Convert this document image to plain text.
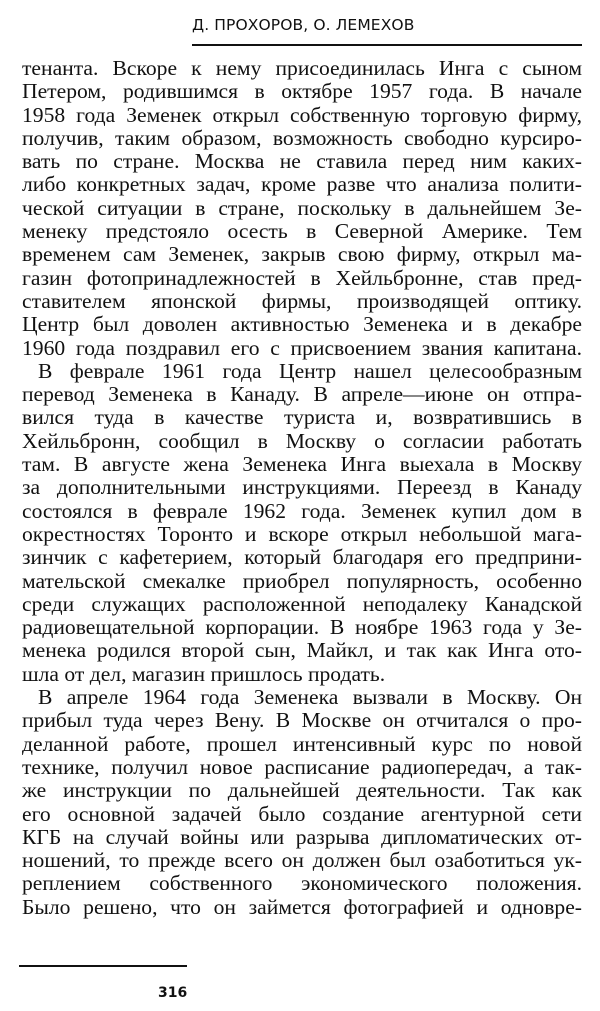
Д. ПРОХОРОВ, О. ЛЕМЕХОВ
тенанта. Вскоре к нему присоединилась Инга с сыном
Петером, родившимся в октябре 1957 года. В начале
1958 года Земенек открыл собственную торговую фирму,
получив, таким образом, возможность свободно курсиро-
вать по стране. Москва не ставила перед ним каких-
либо конкретных задач, кроме разве что анализа полити-
ческой ситуации в стране, поскольку в дальнейшем Зе-
менеку предстояло осесть в Северной Америке. Тем
временем сам Земенек, закрыв свою фирму, открыл ма-
газин фотопринадлежностей в Хейльбронне, став пред-
ставителем японской фирмы, производящей оптику.
Центр был доволен активностью Земенека и в декабре
1960 года поздравил его с присвоением звания капитана.
В феврале 1961 года Центр нашел целесообразным
перевод Земенека в Канаду. В апреле—июне он отпра-
вился туда в качестве туриста и, возвратившись в
Хейльбронн, сообщил в Москву о согласии работать
там. В августе жена Земенека Инга выехала в Москву
за дополнительными инструкциями. Переезд в Канаду
состоялся в феврале 1962 года. Земенек купил дом в
окрестностях Торонто и вскоре открыл небольшой мага-
зинчик с кафетерием, который благодаря его предприни-
мательской смекалке приобрел популярность, особенно
среди служащих расположенной неподалеку Канадской
радиовещательной корпорации. В ноябре 1963 года у Зе-
менека родился второй сын, Майкл, и так как Инга ото-
шла от дел, магазин пришлось продать.
В апреле 1964 года Земенека вызвали в Москву. Он
прибыл туда через Вену. В Москве он отчитался о про-
деланной работе, прошел интенсивный курс по новой
технике, получил новое расписание радиопередач, а так-
же инструкции по дальнейшей деятельности. Так как
его основной задачей было создание агентурной сети
КГБ на случай войны или разрыва дипломатических от-
ношений, то прежде всего он должен был озаботиться ук-
реплением собственного экономического положения.
Было решено, что он займется фотографией и одновре-
316
